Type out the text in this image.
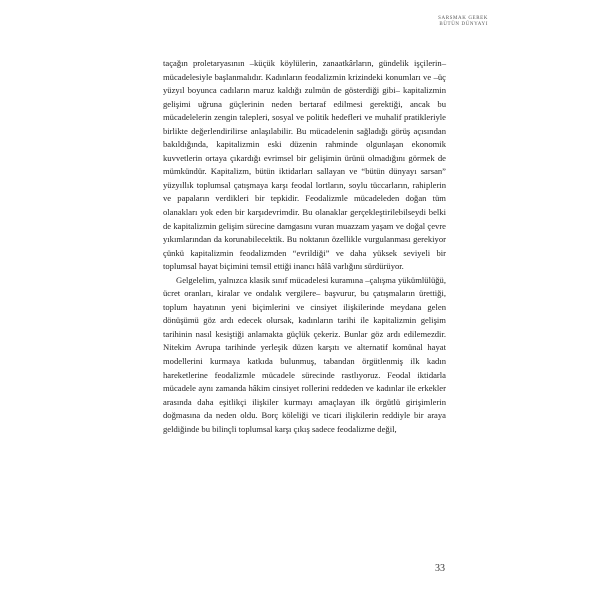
SARSMAK GEREK
BÜTÜN DÜNYAYI

taçağın proletaryasının –küçük köylülerin, zanaatkârların, gündelik işçilerin– mücadelesiyle başlanmalıdır. Kadınların feodalizmin krizindeki konumları ve –üç yüzyıl boyunca cadıların maruz kaldığı zulmün de gösterdiği gibi– kapitalizmin gelişimi uğruna güçlerinin neden bertaraf edilmesi gerektiği, ancak bu mücadelelerin zengin talepleri, sosyal ve politik hedefleri ve muhalif pratikleriyle birlikte değerlendirilirse anlaşılabilir. Bu mücadelenin sağladığı görüş açısından bakıldığında, kapitalizmin eski düzenin rahminde olgunlaşan ekonomik kuvvetlerin ortaya çıkardığı evrimsel bir gelişimin ürünü olmadığını görmek de mümkündür. Kapitalizm, bütün iktidarları sallayan ve “bütün dünyayı sarsan” yüzyıllık toplumsal çatışmaya karşı feodal lortların, soylu tüccarların, rahiplerin ve papaların verdikleri bir tepkidir. Feodalizmle mücadeleden doğan tüm olanakları yok eden bir karşıdevrimdir. Bu olanaklar gerçekleştirilebilseydi belki de kapitalizmin gelişim sürecine damgasını vuran muazzam yaşam ve doğal çevre yıkımlarından da korunabilecektik. Bu noktanın özellikle vurgulanması gerekiyor çünkü kapitalizmin feodalizmden “evrildiği” ve daha yüksek seviyeli bir toplumsal hayat biçimini temsil ettiği inancı hâlâ varlığını sürdürüyor.

Gelgelelim, yalnızca klasik sınıf mücadelesi kuramına –çalışma yükümlülüğü, ücret oranları, kiralar ve ondalık vergilere– başvurur, bu çatışmaların ürettiği, toplum hayatının yeni biçimlerini ve cinsiyet ilişkilerinde meydana gelen dönüşümü göz ardı edecek olursak, kadınların tarihi ile kapitalizmin gelişim tarihinin nasıl kesiştiği anlamakta güçlük çekeriz. Bunlar göz ardı edilemezdir. Nitekim Avrupa tarihinde yerleşik düzen karşıtı ve alternatif komünal hayat modellerini kurmaya katkıda bulunmuş, tabandan örgütlenmiş ilk kadın hareketlerine feodalizmle mücadele sürecinde rastlıyoruz. Feodal iktidarla mücadele aynı zamanda hâkim cinsiyet rollerini reddeden ve kadınlar ile erkekler arasında daha eşitlikçi ilişkiler kurmayı amaçlayan ilk örgütlü girişimlerin doğmasına da neden oldu. Borç köleliği ve ticari ilişkilerin reddiyle bir araya geldiğinde bu bilinçli toplumsal karşı çıkış sadece feodalizme değil,

33
